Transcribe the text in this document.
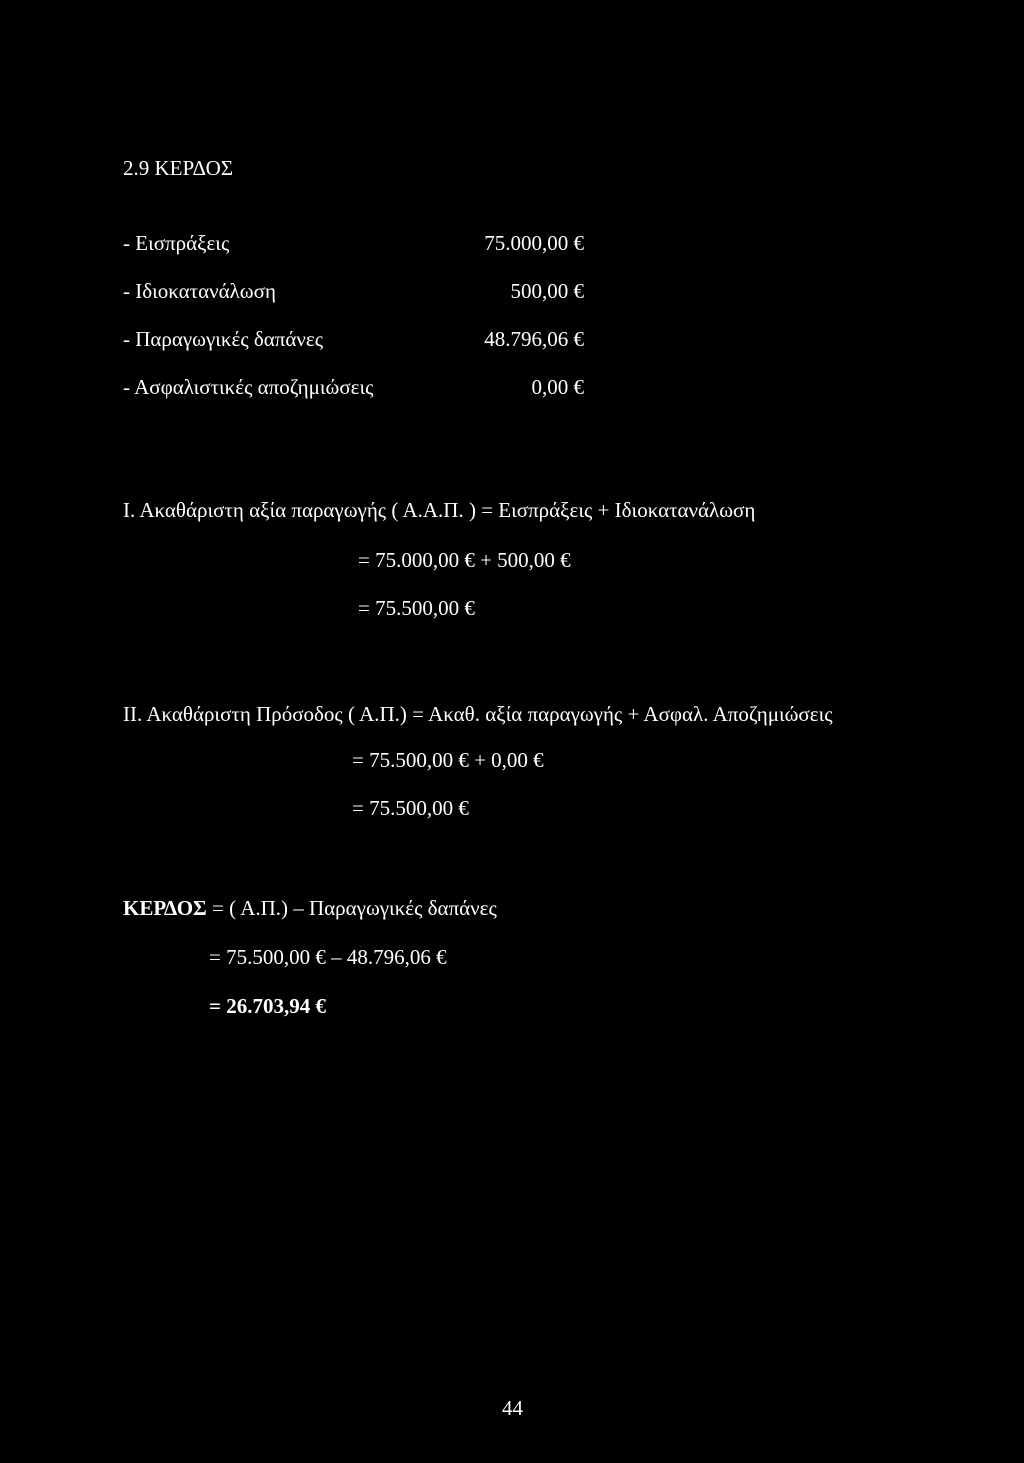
2.9 ΚΕΡΔΟΣ
- Εισπράξεις	75.000,00 €
- Ιδιοκατανάλωση	500,00 €
- Παραγωγικές δαπάνες	48.796,06 €
- Ασφαλιστικές αποζημιώσεις	0,00 €
Ι. Ακαθάριστη αξία παραγωγής ( Α.Α.Π. ) = Εισπράξεις + Ιδιοκατανάλωση
= 75.000,00 € + 500,00 €
= 75.500,00 €
ΙΙ. Ακαθάριστη Πρόσοδος ( Α.Π.) = Ακαθ. αξία παραγωγής + Ασφαλ. Αποζημιώσεις
= 75.500,00 € + 0,00 €
= 75.500,00 €
ΚΕΡΔΟΣ = ( Α.Π.) – Παραγωγικές δαπάνες
= 75.500,00 € – 48.796,06 €
= 26.703,94 €
44
